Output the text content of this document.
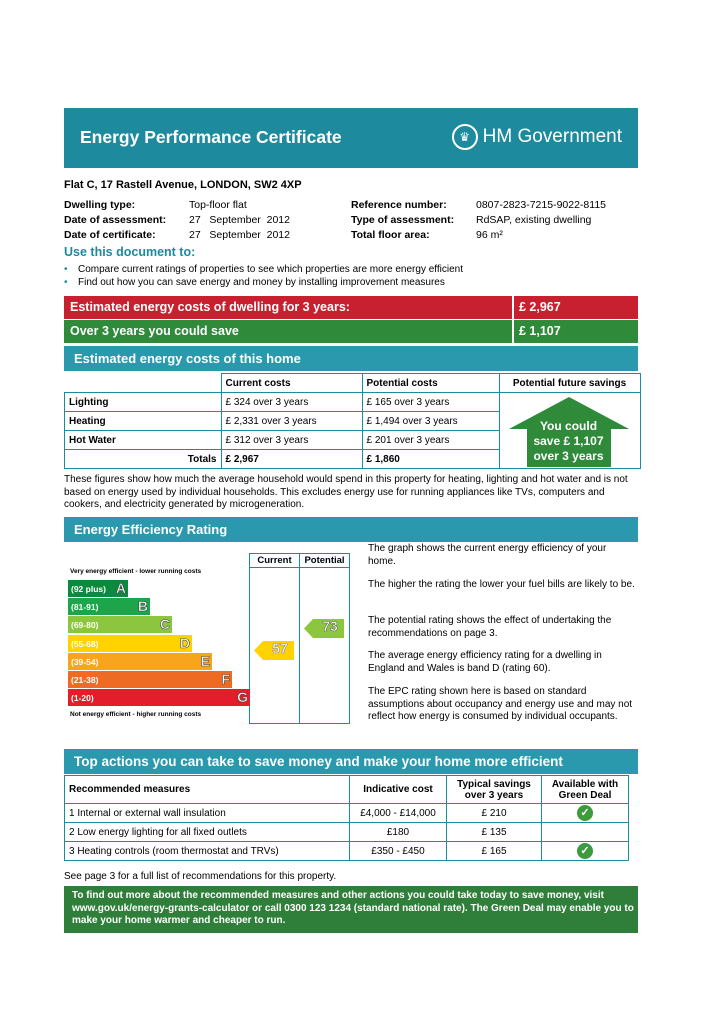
Energy Performance Certificate	♛ HM Government
Flat C, 17 Rastell Avenue, LONDON, SW2 4XP
Dwelling type:	Top-floor flat
Date of assessment: 27   September  2012
Date of certificate:	27   September  2012
Reference number:	0807-2823-7215-9022-8115
Type of assessment: RdSAP, existing dwelling
Total floor area:	96 m²
Use this document to:
• Compare current ratings of properties to see which properties are more energy efficient
• Find out how you can save energy and money by installing improvement measures
Estimated energy costs of dwelling for 3 years:	£ 2,967
Over 3 years you could save	£ 1,107
Estimated energy costs of this home
	Current costs	Potential costs	Potential future savings
Lighting	£ 324 over 3 years	£ 165 over 3 years	You could
save £ 1,107
over 3 years

Heating	£ 2,331 over 3 years	£ 1,494 over 3 years	
Hot Water	£ 312 over 3 years	£ 201 over 3 years	
Totals	£ 2,967	£ 1,860	
These figures show how much the average household would spend in this property for heating, lighting and hot water and is not based on energy used by individual households. This excludes energy use for running appliances like TVs, computers and cookers, and electricity generated by microgeneration.
Energy Efficiency Rating
Current	Potential
Very energy efficient - lower running costs
(92 plus) A
(81-91)	B
(69-80)	C
(55-68)	D
(39-54)	E
(21-38)	F
(1-20)	G
Not energy efficient - higher running costs
57
73
The graph shows the current energy efficiency of your home.
The higher the rating the lower your fuel bills are likely to be.
The potential rating shows the effect of undertaking the recommendations on page 3.
The average energy efficiency rating for a dwelling in England and Wales is band D (rating 60).
The EPC rating shown here is based on standard assumptions about occupancy and energy use and may not reflect how energy is consumed by individual occupants.
Top actions you can take to save money and make your home more efficient
Recommended measures	Indicative cost	Typical savings over 3 years	Available with Green Deal
1 Internal or external wall insulation	£4,000 - £14,000	£ 210	✓
2 Low energy lighting for all fixed outlets	£180	£ 135	
3 Heating controls (room thermostat and TRVs)	£350 - £450	£ 165	✓
See page 3 for a full list of recommendations for this property.
To find out more about the recommended measures and other actions you could take today to save money, visit www.gov.uk/energy-grants-calculator or call 0300 123 1234 (standard national rate). The Green Deal may enable you to make your home warmer and cheaper to run.
